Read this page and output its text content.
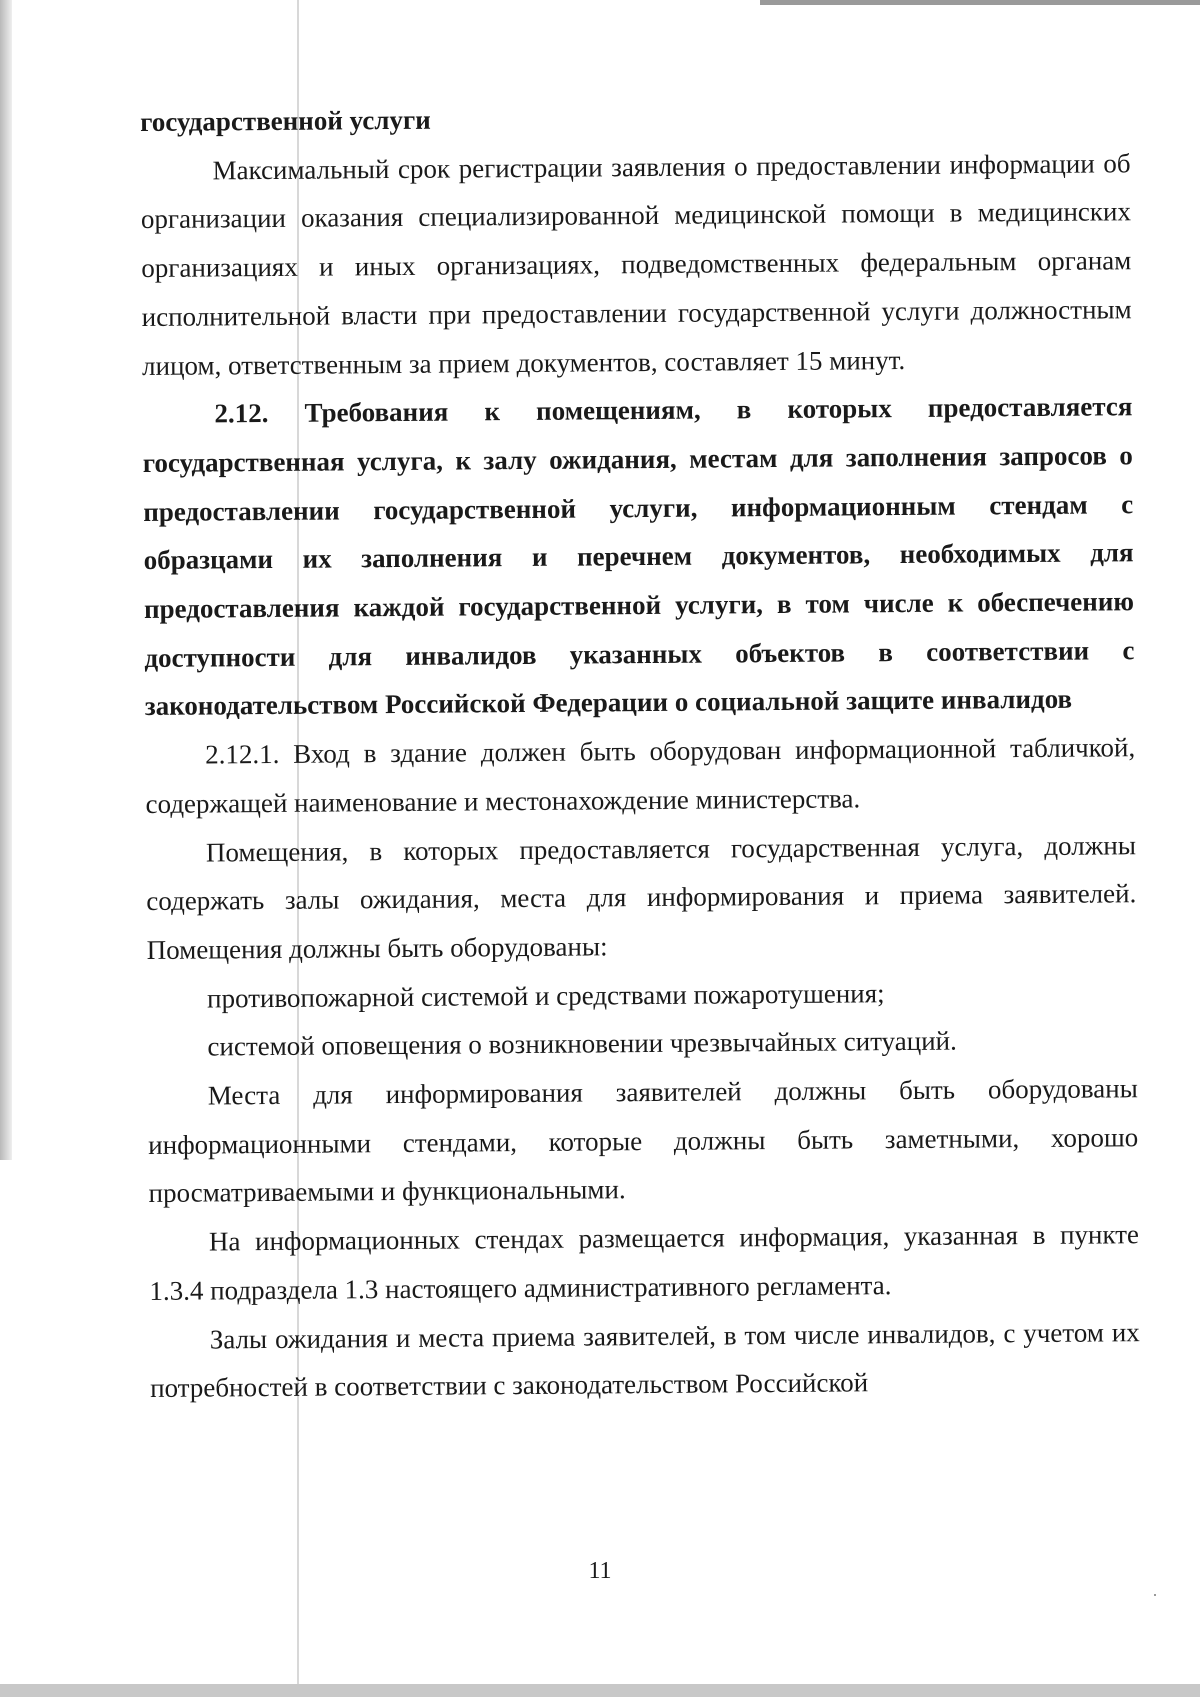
государственной услуги

Максимальный срок регистрации заявления о предоставлении информации об организации оказания специализированной медицинской помощи в медицинских организациях и иных организациях, подведомственных федеральным органам исполнительной власти при предоставлении государственной услуги должностным лицом, ответственным за прием документов, составляет 15 минут.

2.12. Требования к помещениям, в которых предоставляется государственная услуга, к залу ожидания, местам для заполнения запросов о предоставлении государственной услуги, информационным стендам с образцами их заполнения и перечнем документов, необходимых для предоставления каждой государственной услуги, в том числе к обеспечению доступности для инвалидов указанных объектов в соответствии с законодательством Российской Федерации о социальной защите инвалидов

2.12.1. Вход в здание должен быть оборудован информационной табличкой, содержащей наименование и местонахождение министерства.

Помещения, в которых предоставляется государственная услуга, должны содержать залы ожидания, места для информирования и приема заявителей. Помещения должны быть оборудованы:

противопожарной системой и средствами пожаротушения;

системой оповещения о возникновении чрезвычайных ситуаций.

Места для информирования заявителей должны быть оборудованы информационными стендами, которые должны быть заметными, хорошо просматриваемыми и функциональными.

На информационных стендах размещается информация, указанная в пункте 1.3.4 подраздела 1.3 настоящего административного регламента.

Залы ожидания и места приема заявителей, в том числе инвалидов, с учетом их потребностей в соответствии с законодательством Российской

11
